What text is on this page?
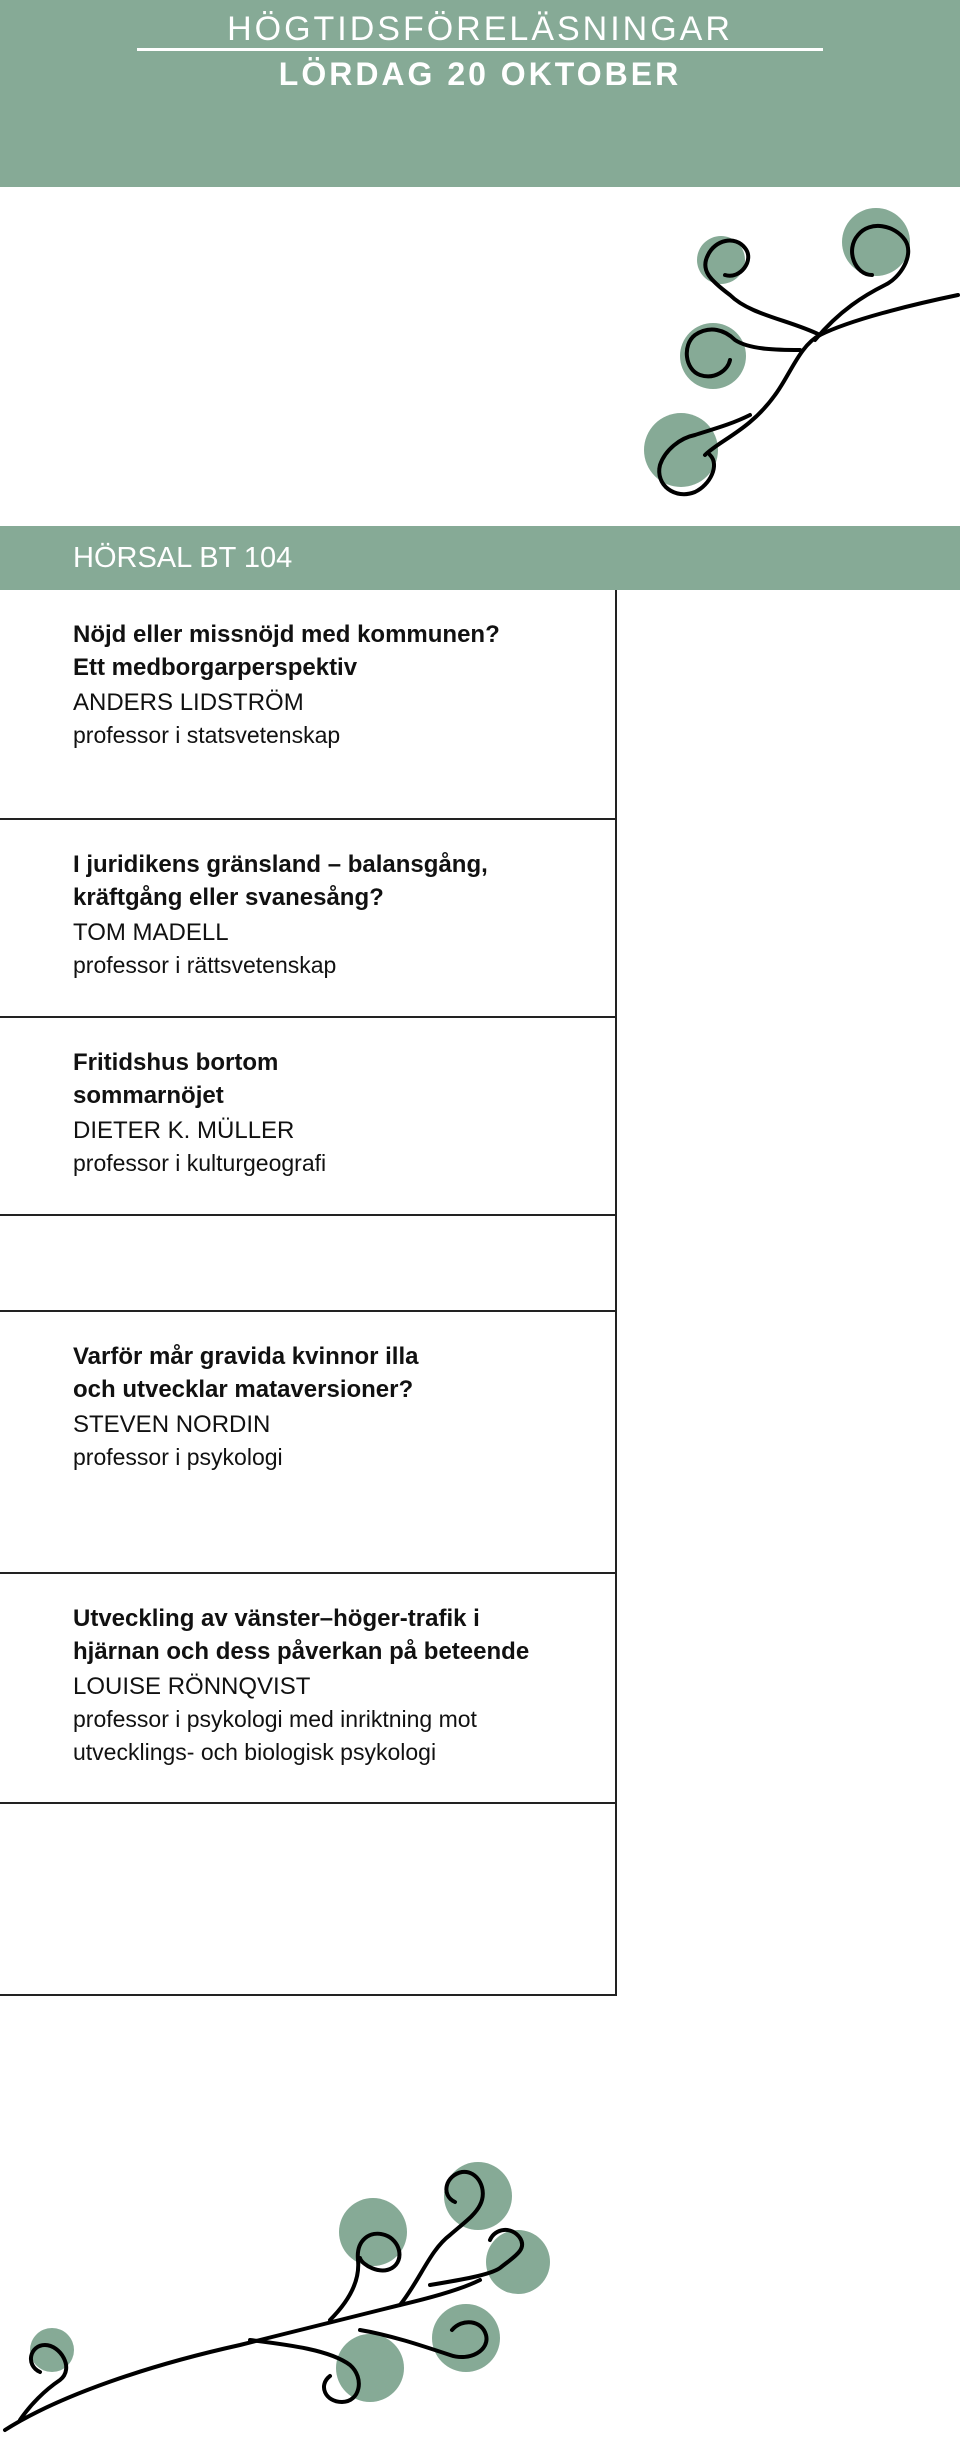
HÖGTIDSFÖRELÄSNINGAR
LÖRDAG 20 OKTOBER
HÖRSAL BT 104
Nöjd eller missnöjd med kommunen?
Ett medborgarperspektiv
ANDERS LIDSTRÖM
professor i statsvetenskap
I juridikens gränsland – balansgång,
kräftgång eller svanesång?
TOM MADELL
professor i rättsvetenskap
Fritidshus bortom
sommarnöjet
DIETER K. MÜLLER
professor i kulturgeografi
Varför mår gravida kvinnor illa
och utvecklar mataversioner?
STEVEN NORDIN
professor i psykologi
Utveckling av vänster–höger-trafik i
hjärnan och dess påverkan på beteende
LOUISE RÖNNQVIST
professor i psykologi med inriktning mot
utvecklings- och biologisk psykologi
